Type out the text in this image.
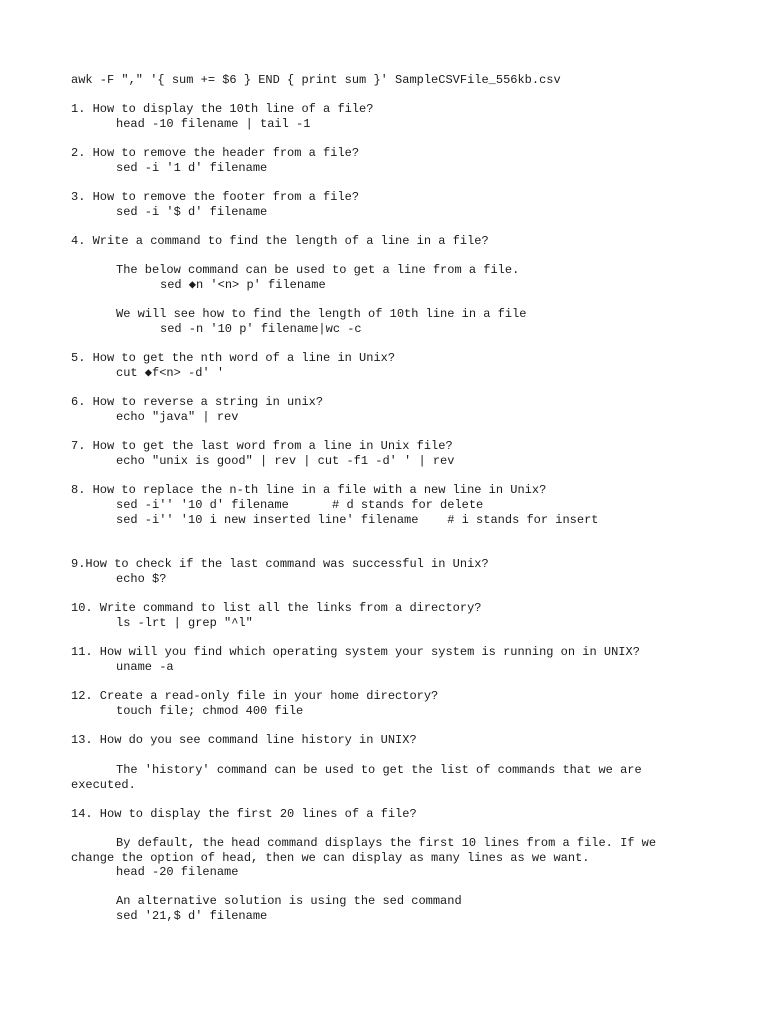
awk -F "," '{ sum += $6 } END { print sum }' SampleCSVFile_556kb.csv

1. How to display the 10th line of a file?

head -10 filename | tail -1

2. How to remove the header from a file?

sed -i '1 d' filename

3. How to remove the footer from a file?

sed -i '$ d' filename

4. Write a command to find the length of a line in a file?

The below command can be used to get a line from a file.

sed ◆n '<n> p' filename

We will see how to find the length of 10th line in a file

sed -n '10 p' filename|wc -c

5. How to get the nth word of a line in Unix?

cut ◆f<n> -d' '

6. How to reverse a string in unix?

echo "java" | rev

7. How to get the last word from a line in Unix file?

echo "unix is good" | rev | cut -f1 -d' ' | rev

8. How to replace the n-th line in a file with a new line in Unix?

sed -i'' '10 d' filename      # d stands for delete

sed -i'' '10 i new inserted line' filename    # i stands for insert

9.How to check if the last command was successful in Unix?

echo $?

10. Write command to list all the links from a directory?

ls -lrt | grep "^l"

11. How will you find which operating system your system is running on in UNIX?

uname -a

12. Create a read-only file in your home directory?

touch file; chmod 400 file

13. How do you see command line history in UNIX?

The 'history' command can be used to get the list of commands that we are

executed.

14. How to display the first 20 lines of a file?

By default, the head command displays the first 10 lines from a file. If we

change the option of head, then we can display as many lines as we want.

head -20 filename

An alternative solution is using the sed command

sed '21,$ d' filename
